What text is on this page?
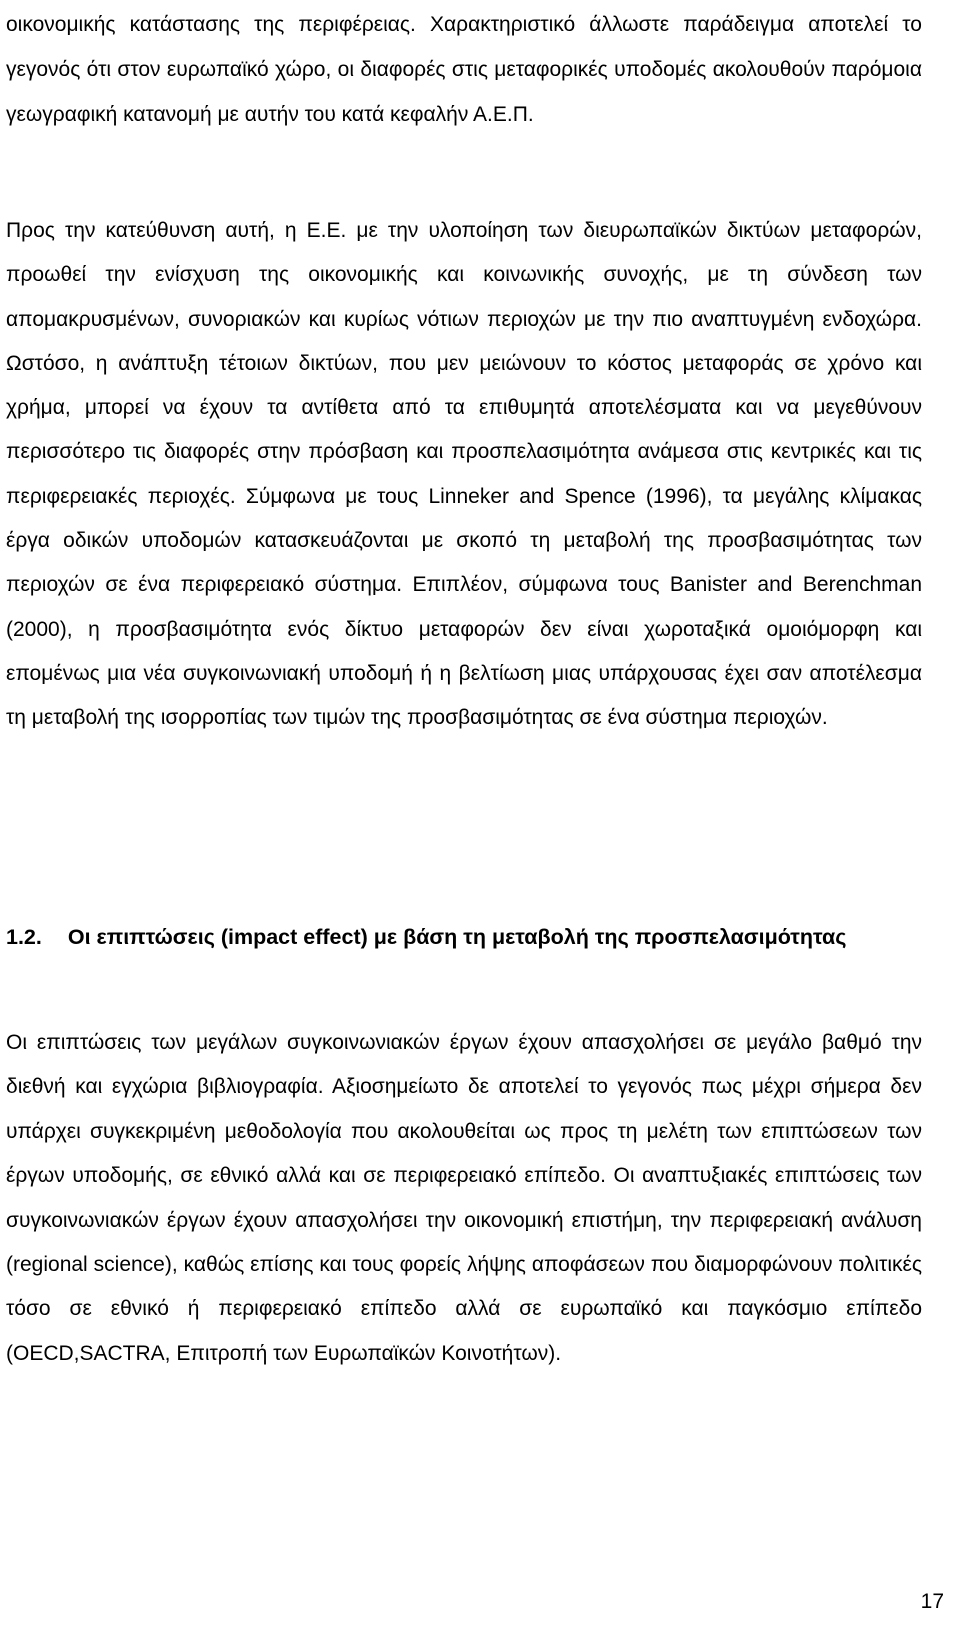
οικονομικής κατάστασης της περιφέρειας. Χαρακτηριστικό άλλωστε παράδειγμα αποτελεί το γεγονός ότι στον ευρωπαϊκό χώρο, οι διαφορές στις μεταφορικές υποδομές ακολουθούν παρόμοια γεωγραφική κατανομή με αυτήν του κατά κεφαλήν Α.Ε.Π.

Προς την κατεύθυνση αυτή, η Ε.Ε. με την υλοποίηση των διευρωπαϊκών δικτύων μεταφορών, προωθεί την ενίσχυση της οικονομικής και κοινωνικής συνοχής, με τη σύνδεση των απομακρυσμένων, συνοριακών και κυρίως νότιων περιοχών με την πιο αναπτυγμένη ενδοχώρα. Ωστόσο, η ανάπτυξη τέτοιων δικτύων, που μεν μειώνουν το κόστος μεταφοράς σε χρόνο και χρήμα, μπορεί να έχουν τα αντίθετα από τα επιθυμητά αποτελέσματα και να μεγεθύνουν περισσότερο τις διαφορές στην πρόσβαση και προσπελασιμότητα ανάμεσα στις κεντρικές και τις περιφερειακές περιοχές. Σύμφωνα με τους Linneker and Spence (1996), τα μεγάλης κλίμακας έργα οδικών υποδομών κατασκευάζονται με σκοπό τη μεταβολή της προσβασιμότητας των περιοχών σε ένα περιφερειακό σύστημα. Επιπλέον, σύμφωνα τους Banister and Berenchman (2000), η προσβασιμότητα ενός δίκτυο μεταφορών δεν είναι χωροταξικά ομοιόμορφη και επομένως μια νέα συγκοινωνιακή υποδομή ή η βελτίωση μιας υπάρχουσας έχει σαν αποτέλεσμα τη μεταβολή της ισορροπίας των τιμών της προσβασιμότητας σε ένα σύστημα περιοχών.

1.2. Οι επιπτώσεις (impact effect) με βάση τη μεταβολή της προσπελασιμότητας

Οι επιπτώσεις των μεγάλων συγκοινωνιακών έργων έχουν απασχολήσει σε μεγάλο βαθμό την διεθνή και εγχώρια βιβλιογραφία. Αξιοσημείωτο δε αποτελεί το γεγονός πως μέχρι σήμερα δεν υπάρχει συγκεκριμένη μεθοδολογία που ακολουθείται ως προς τη μελέτη των επιπτώσεων των έργων υποδομής, σε εθνικό αλλά και σε περιφερειακό επίπεδο. Οι αναπτυξιακές επιπτώσεις των συγκοινωνιακών έργων έχουν απασχολήσει την οικονομική επιστήμη, την περιφερειακή ανάλυση (regional science), καθώς επίσης και τους φορείς λήψης αποφάσεων που διαμορφώνουν πολιτικές τόσο σε εθνικό ή περιφερειακό επίπεδο αλλά σε ευρωπαϊκό και παγκόσμιο επίπεδο (OECD,SACTRA, Επιτροπή των Ευρωπαϊκών Κοινοτήτων).

17
